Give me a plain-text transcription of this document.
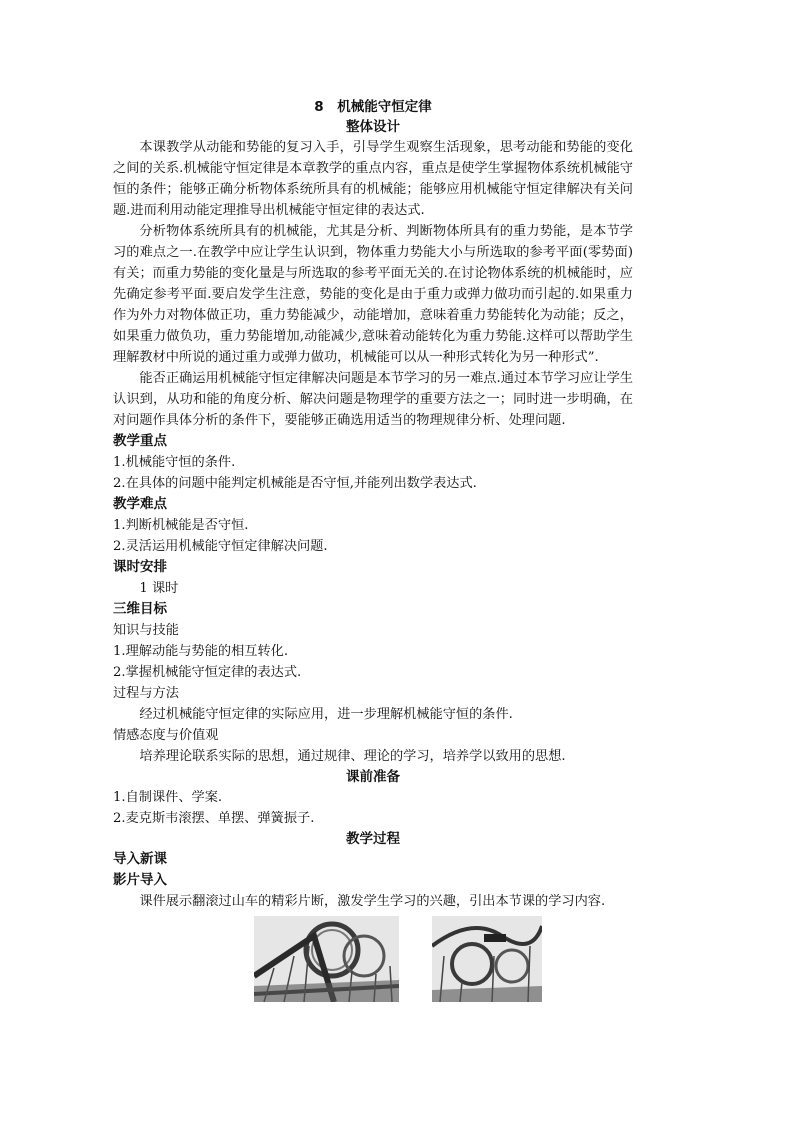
8　机械能守恒定律

整体设计

本课教学从动能和势能的复习入手，引导学生观察生活现象，思考动能和势能的变化之间的关系.机械能守恒定律是本章教学的重点内容，重点是使学生掌握物体系统机械能守恒的条件；能够正确分析物体系统所具有的机械能；能够应用机械能守恒定律解决有关问题.进而利用动能定理推导出机械能守恒定律的表达式.

分析物体系统所具有的机械能，尤其是分析、判断物体所具有的重力势能，是本节学习的难点之一.在教学中应让学生认识到，物体重力势能大小与所选取的参考平面(零势面)有关；而重力势能的变化量是与所选取的参考平面无关的.在讨论物体系统的机械能时，应先确定参考平面.要启发学生注意，势能的变化是由于重力或弹力做功而引起的.如果重力作为外力对物体做正功，重力势能减少，动能增加，意味着重力势能转化为动能；反之，如果重力做负功，重力势能增加,动能减少,意味着动能转化为重力势能.这样可以帮助学生理解教材中所说的通过重力或弹力做功，机械能可以从一种形式转化为另一种形式”.

能否正确运用机械能守恒定律解决问题是本节学习的另一难点.通过本节学习应让学生认识到，从功和能的角度分析、解决问题是物理学的重要方法之一；同时进一步明确，在对问题作具体分析的条件下，要能够正确选用适当的物理规律分析、处理问题.

教学重点

1.机械能守恒的条件.

2.在具体的问题中能判定机械能是否守恒,并能列出数学表达式.

教学难点

1.判断机械能是否守恒.

2.灵活运用机械能守恒定律解决问题.

课时安排

1 课时

三维目标

知识与技能

1.理解动能与势能的相互转化.

2.掌握机械能守恒定律的表达式.

过程与方法

经过机械能守恒定律的实际应用，进一步理解机械能守恒的条件.

情感态度与价值观

培养理论联系实际的思想，通过规律、理论的学习，培养学以致用的思想.

课前准备

1.自制课件、学案.

2.麦克斯韦滚摆、单摆、弹簧振子.

教学过程

导入新课

影片导入

课件展示翻滚过山车的精彩片断，激发学生学习的兴趣，引出本节课的学习内容.
